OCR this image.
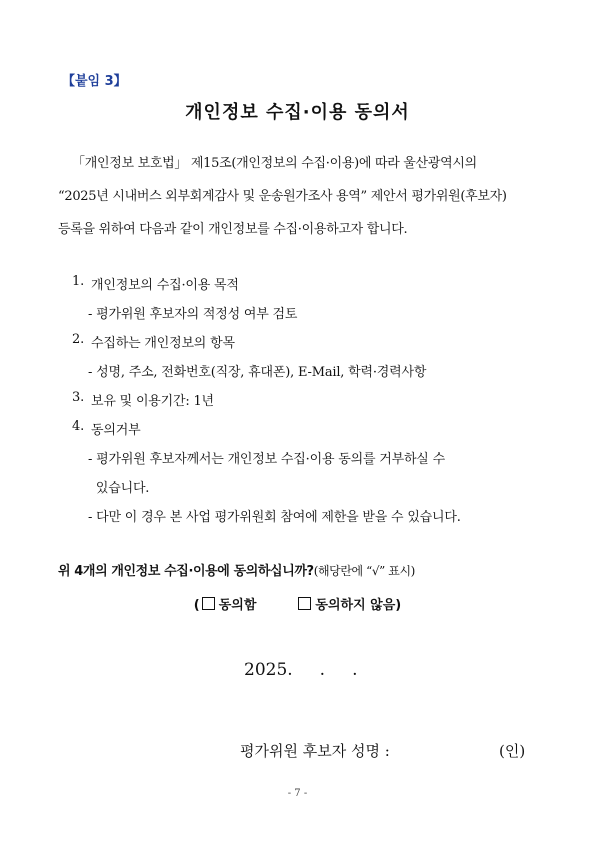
【붙임 3】
개인정보 수집·이용 동의서
「개인정보 보호법」 제15조(개인정보의 수집·이용)에 따라 울산광역시의
“2025년 시내버스 외부회계감사 및 운송원가조사 용역” 제안서 평가위원(후보자)
등록을 위하여 다음과 같이 개인정보를 수집·이용하고자 합니다.
1. 개인정보의 수집·이용 목적
- 평가위원 후보자의 적정성 여부 검토
2. 수집하는 개인정보의 항목
- 성명, 주소, 전화번호(직장, 휴대폰), E-Mail, 학력·경력사항
3. 보유 및 이용기간: 1년
4. 동의거부
- 평가위원 후보자께서는 개인정보 수집·이용 동의를 거부하실 수
있습니다.
- 다만 이 경우 본 사업 평가위원회 참여에 제한을 받을 수 있습니다.
위 4개의 개인정보 수집·이용에 동의하십니까?(해당란에 “√” 표시)
( 동의함	동의하지 않음)
2025.     .     .
평가위원 후보자 성명 :	(인)
- 7 -
